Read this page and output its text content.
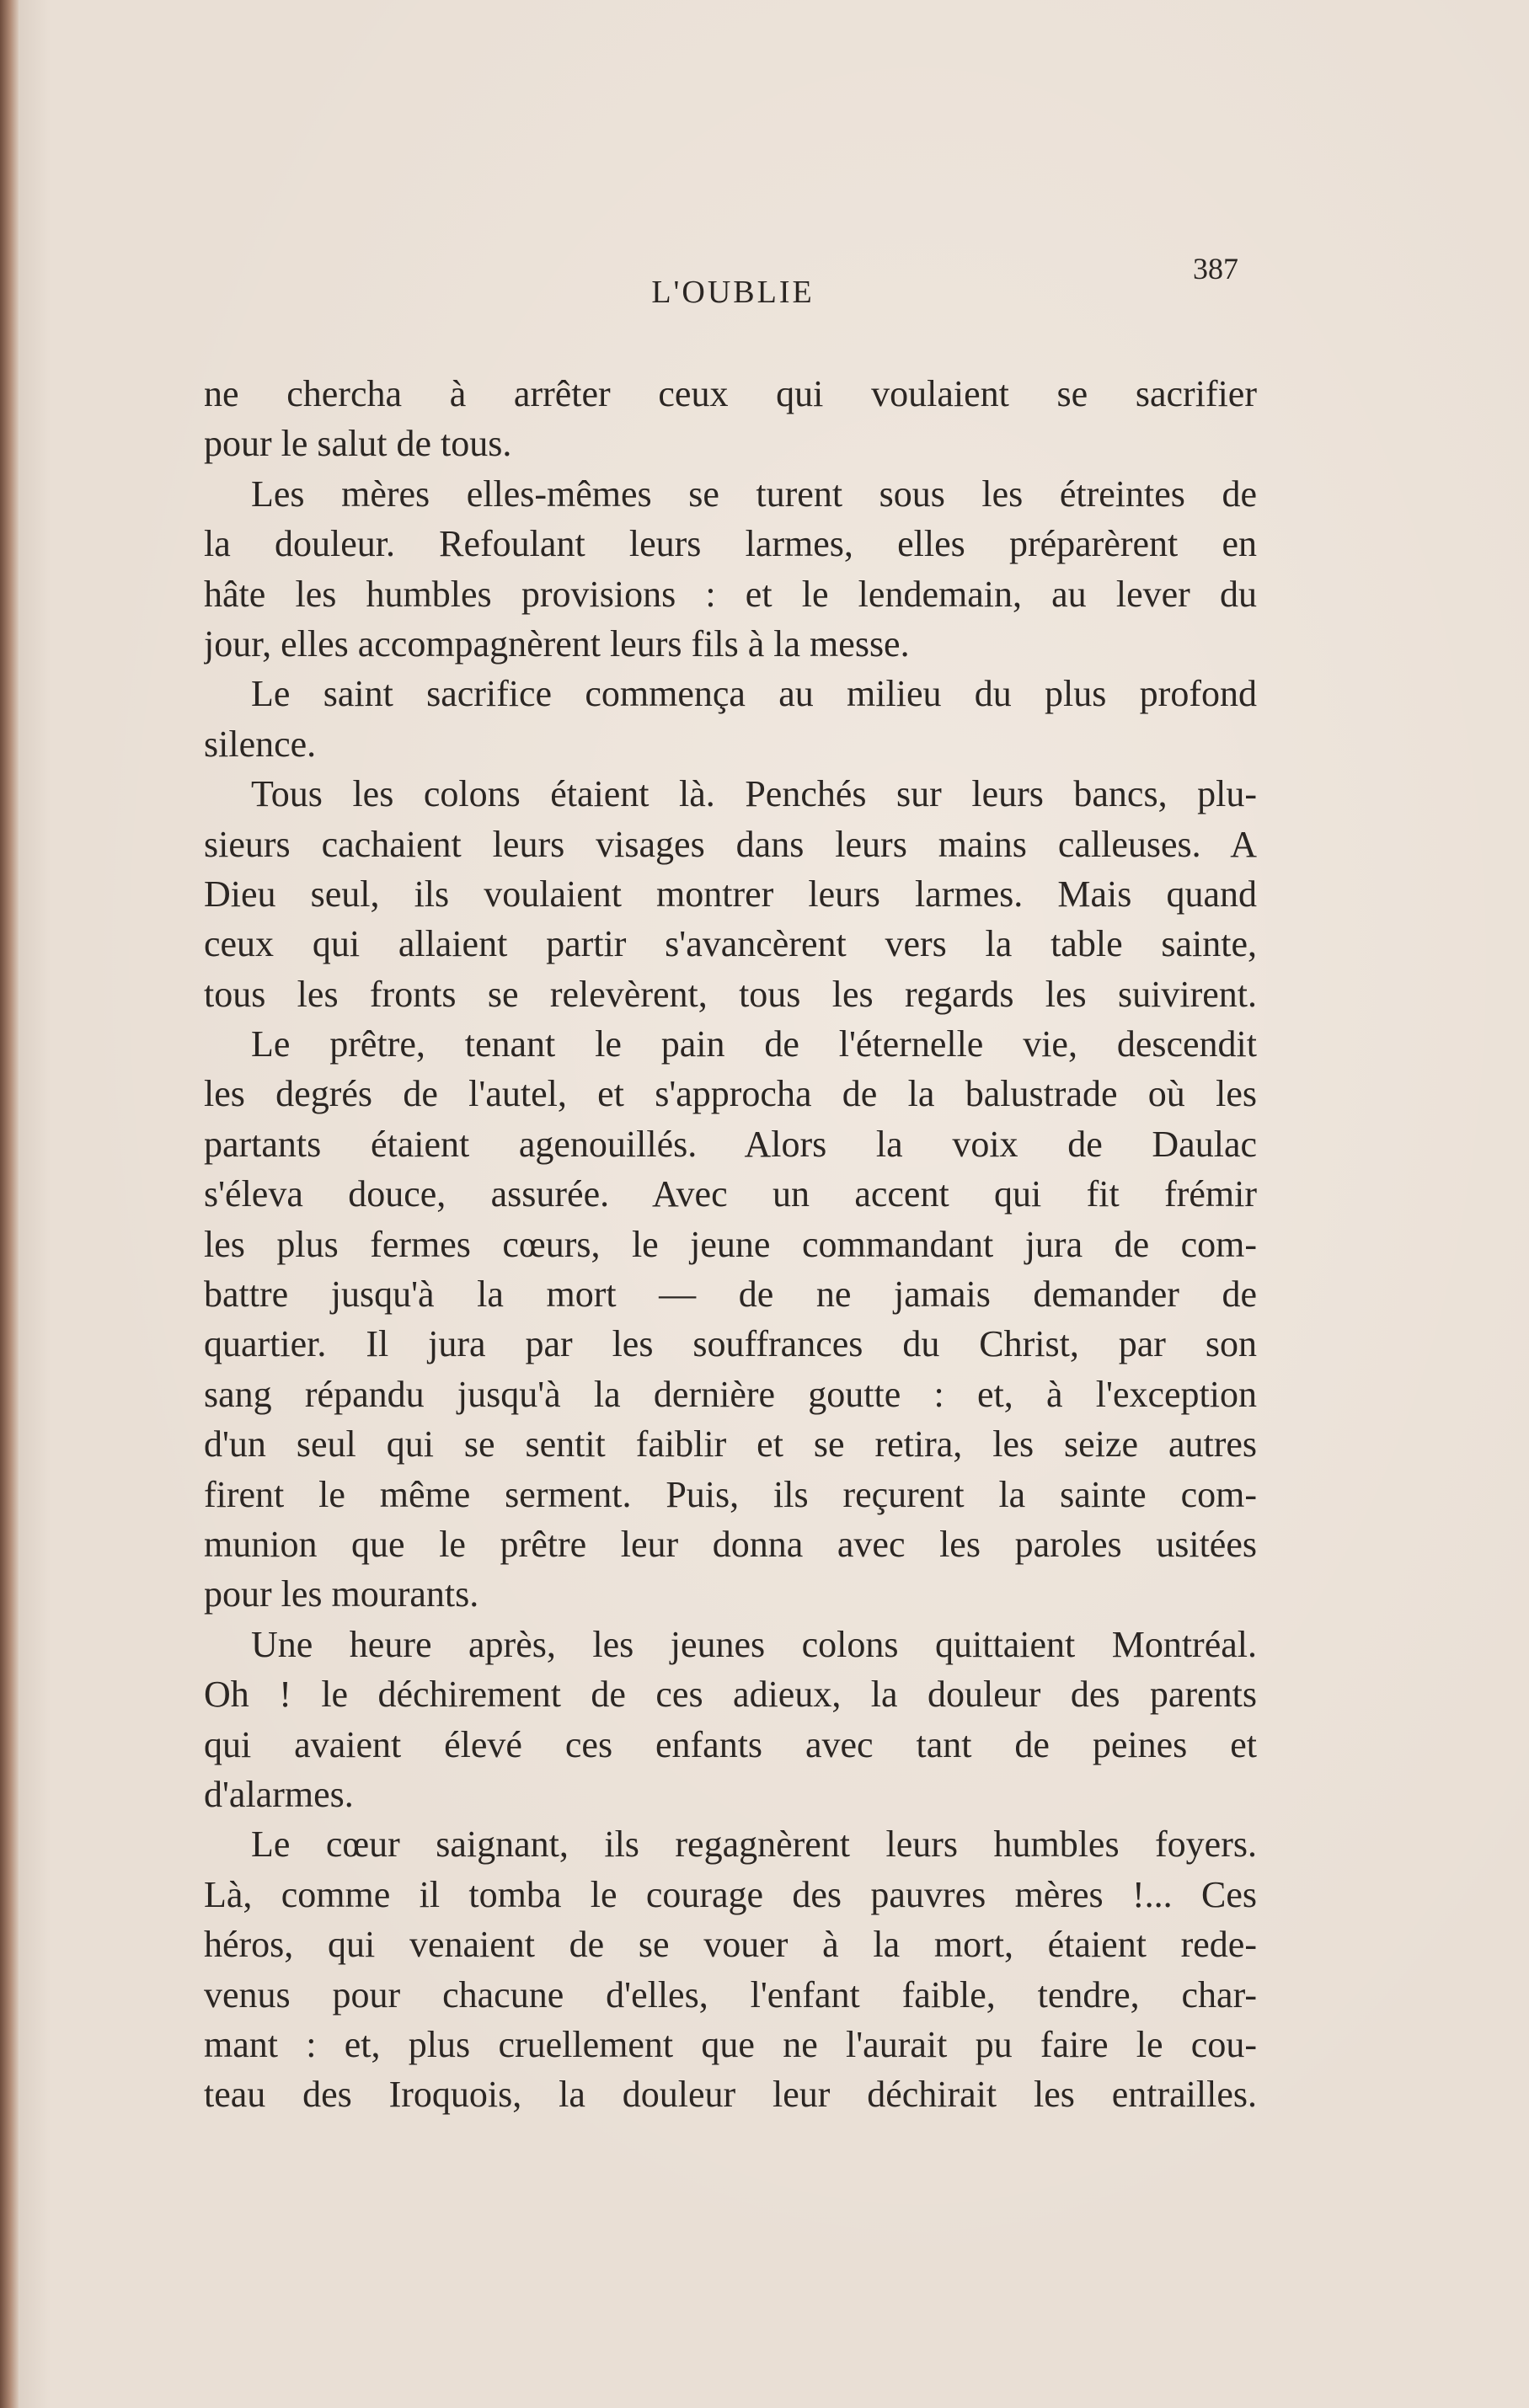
L'OUBLIE
387
ne chercha à arrêter ceux qui voulaient se sacrifier
pour le salut de tous.
Les mères elles-mêmes se turent sous les étreintes de
la douleur. Refoulant leurs larmes, elles préparèrent en
hâte les humbles provisions : et le lendemain, au lever du
jour, elles accompagnèrent leurs fils à la messe.
Le saint sacrifice commença au milieu du plus profond
silence.
Tous les colons étaient là. Penchés sur leurs bancs, plu-
sieurs cachaient leurs visages dans leurs mains calleuses. A
Dieu seul, ils voulaient montrer leurs larmes. Mais quand
ceux qui allaient partir s'avancèrent vers la table sainte,
tous les fronts se relevèrent, tous les regards les suivirent.
Le prêtre, tenant le pain de l'éternelle vie, descendit
les degrés de l'autel, et s'approcha de la balustrade où les
partants étaient agenouillés. Alors la voix de Daulac
s'éleva douce, assurée. Avec un accent qui fit frémir
les plus fermes cœurs, le jeune commandant jura de com-
battre jusqu'à la mort — de ne jamais demander de
quartier. Il jura par les souffrances du Christ, par son
sang répandu jusqu'à la dernière goutte : et, à l'exception
d'un seul qui se sentit faiblir et se retira, les seize autres
firent le même serment. Puis, ils reçurent la sainte com-
munion que le prêtre leur donna avec les paroles usitées
pour les mourants.
Une heure après, les jeunes colons quittaient Montréal.
Oh ! le déchirement de ces adieux, la douleur des parents
qui avaient élevé ces enfants avec tant de peines et
d'alarmes.
Le cœur saignant, ils regagnèrent leurs humbles foyers.
Là, comme il tomba le courage des pauvres mères !... Ces
héros, qui venaient de se vouer à la mort, étaient rede-
venus pour chacune d'elles, l'enfant faible, tendre, char-
mant : et, plus cruellement que ne l'aurait pu faire le cou-
teau des Iroquois, la douleur leur déchirait les entrailles.
